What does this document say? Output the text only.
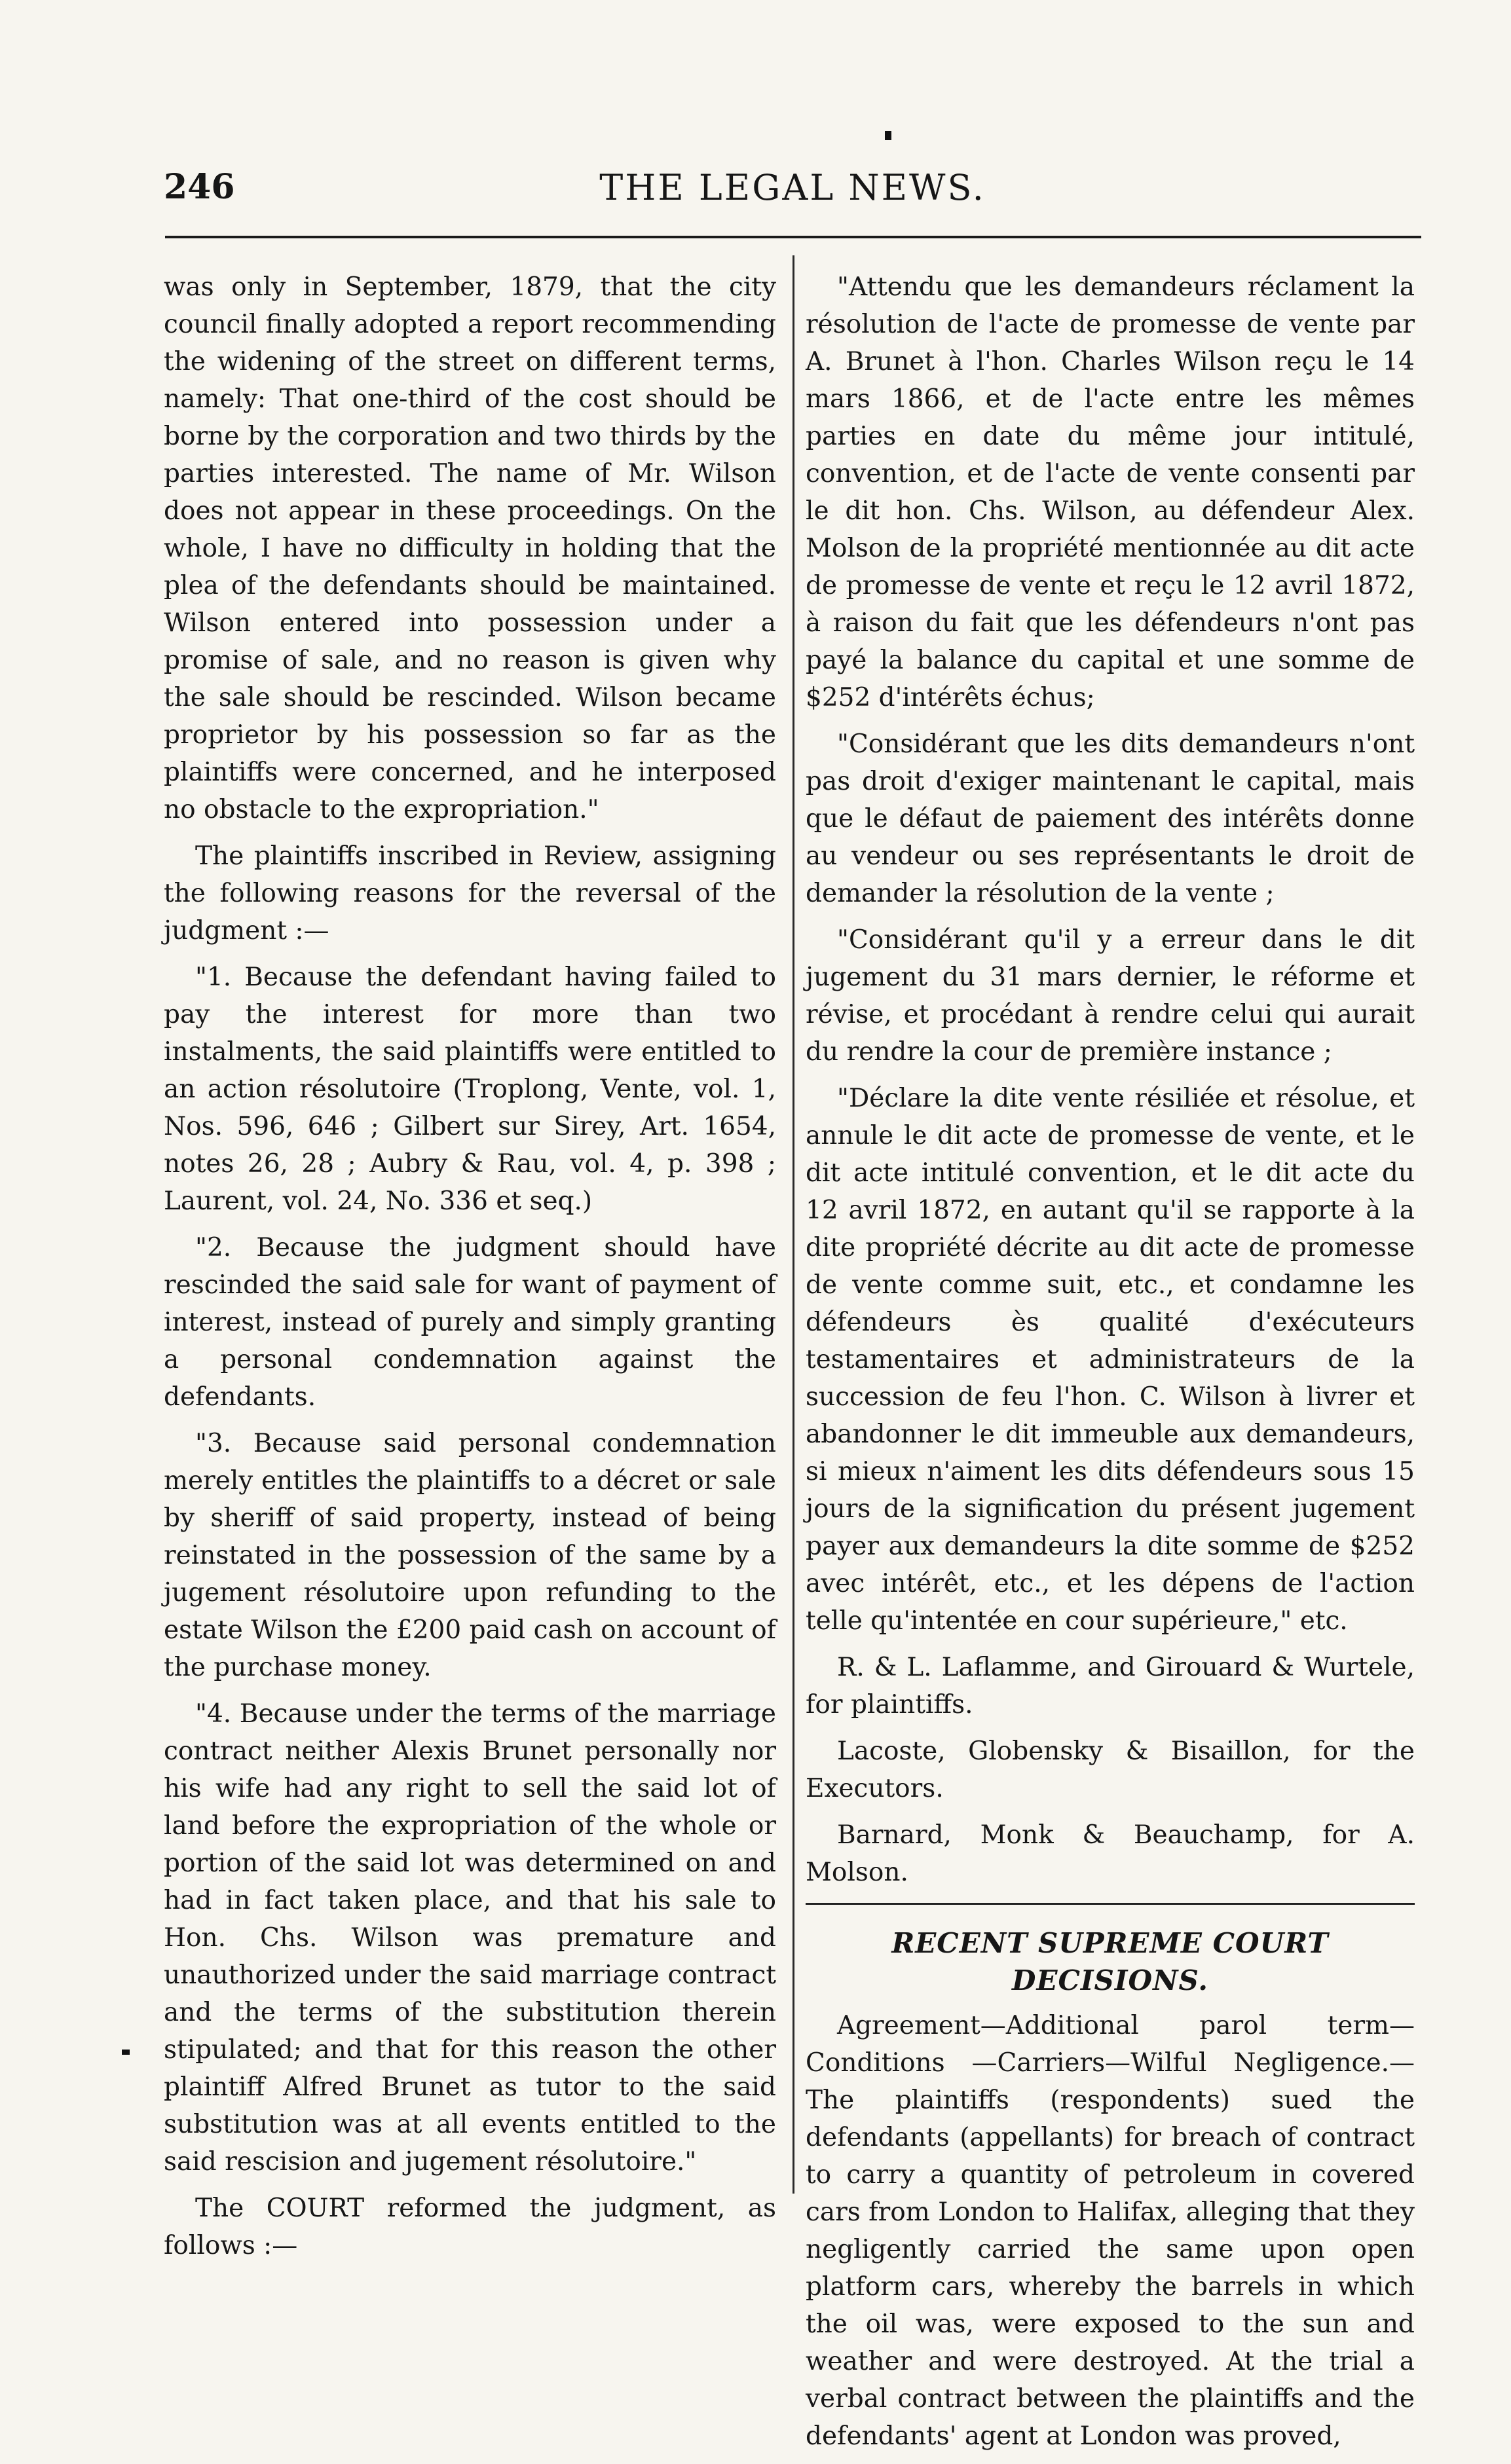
246	THE LEGAL NEWS.

was only in September, 1879, that the city council finally adopted a report recommending the widening of the street on different terms, namely: That one-third of the cost should be borne by the corporation and two thirds by the parties interested. The name of Mr. Wilson does not appear in these proceedings. On the whole, I have no difficulty in holding that the plea of the defendants should be maintained. Wilson entered into possession under a promise of sale, and no reason is given why the sale should be rescinded. Wilson became proprietor by his possession so far as the plaintiffs were concerned, and he interposed no obstacle to the expropriation."

The plaintiffs inscribed in Review, assigning the following reasons for the reversal of the judgment :—

"1. Because the defendant having failed to pay the interest for more than two instalments, the said plaintiffs were entitled to an action résolutoire (Troplong, Vente, vol. 1, Nos. 596, 646 ; Gilbert sur Sirey, Art. 1654, notes 26, 28 ; Aubry & Rau, vol. 4, p. 398 ; Laurent, vol. 24, No. 336 et seq.)

"2. Because the judgment should have rescinded the said sale for want of payment of interest, instead of purely and simply granting a personal condemnation against the defendants.

"3. Because said personal condemnation merely entitles the plaintiffs to a décret or sale by sheriff of said property, instead of being reinstated in the possession of the same by a jugement résolutoire upon refunding to the estate Wilson the £200 paid cash on account of the purchase money.

"4. Because under the terms of the marriage contract neither Alexis Brunet personally nor his wife had any right to sell the said lot of land before the expropriation of the whole or portion of the said lot was determined on and had in fact taken place, and that his sale to Hon. Chs. Wilson was premature and unauthorized under the said marriage contract and the terms of the substitution therein stipulated; and that for this reason the other plaintiff Alfred Brunet as tutor to the said substitution was at all events entitled to the said rescision and jugement résolutoire."

The COURT reformed the judgment, as follows :—

"Attendu que les demandeurs réclament la résolution de l'acte de promesse de vente par A. Brunet à l'hon. Charles Wilson reçu le 14 mars 1866, et de l'acte entre les mêmes parties en date du même jour intitulé, convention, et de l'acte de vente consenti par le dit hon. Chs. Wilson, au défendeur Alex. Molson de la propriété mentionnée au dit acte de promesse de vente et reçu le 12 avril 1872, à raison du fait que les défendeurs n'ont pas payé la balance du capital et une somme de $252 d'intérêts échus;

"Considérant que les dits demandeurs n'ont pas droit d'exiger maintenant le capital, mais que le défaut de paiement des intérêts donne au vendeur ou ses représentants le droit de demander la résolution de la vente ;

"Considérant qu'il y a erreur dans le dit jugement du 31 mars dernier, le réforme et révise, et procédant à rendre celui qui aurait du rendre la cour de première instance ;

"Déclare la dite vente résiliée et résolue, et annule le dit acte de promesse de vente, et le dit acte intitulé convention, et le dit acte du 12 avril 1872, en autant qu'il se rapporte à la dite propriété décrite au dit acte de promesse de vente comme suit, etc., et condamne les défendeurs ès qualité d'exécuteurs testamentaires et administrateurs de la succession de feu l'hon. C. Wilson à livrer et abandonner le dit immeuble aux demandeurs, si mieux n'aiment les dits défendeurs sous 15 jours de la signification du présent jugement payer aux demandeurs la dite somme de $252 avec intérêt, etc., et les dépens de l'action telle qu'intentée en cour supérieure," etc.

R. & L. Laflamme, and Girouard & Wurtele, for plaintiffs.

Lacoste, Globensky & Bisaillon, for the Executors.

Barnard, Monk & Beauchamp, for A. Molson.

RECENT SUPREME COURT DECISIONS.

Agreement—Additional parol term—Conditions —Carriers—Wilful Negligence.—The plaintiffs (respondents) sued the defendants (appellants) for breach of contract to carry a quantity of petroleum in covered cars from London to Halifax, alleging that they negligently carried the same upon open platform cars, whereby the barrels in which the oil was, were exposed to the sun and weather and were destroyed. At the trial a verbal contract between the plaintiffs and the defendants' agent at London was proved,
